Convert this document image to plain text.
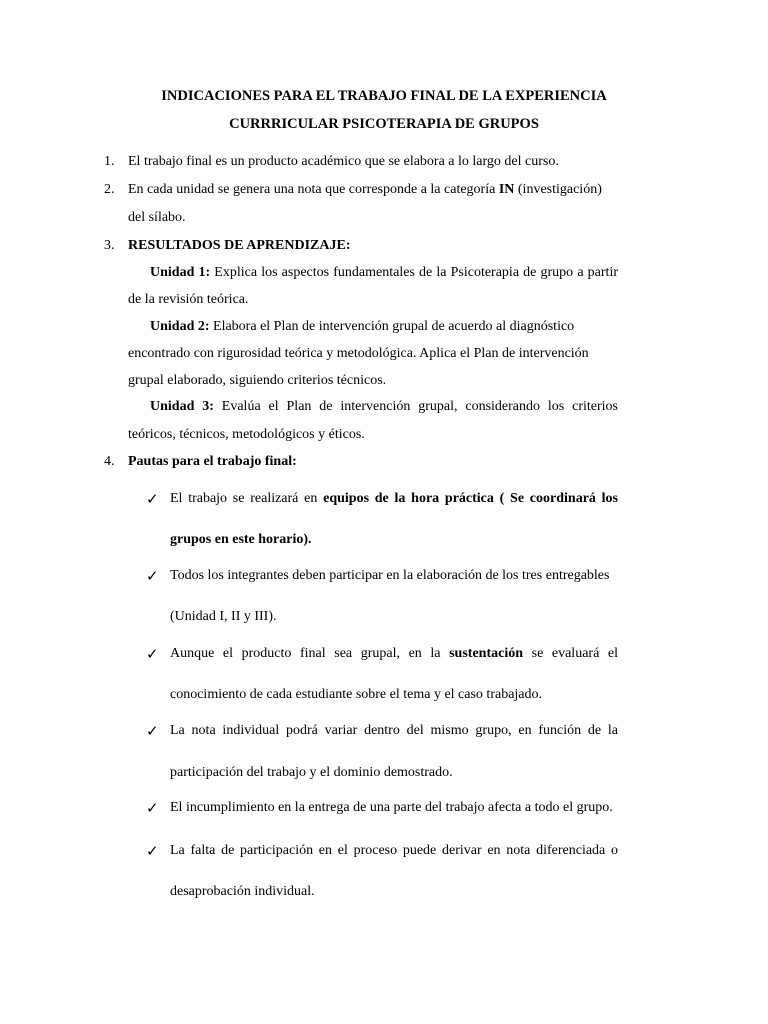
INDICACIONES PARA EL TRABAJO FINAL DE LA EXPERIENCIA
CURRRICULAR PSICOTERAPIA DE GRUPOS
1. El trabajo final es un producto académico que se elabora a lo largo del curso.
2. En cada unidad se genera una nota que corresponde a la categoría IN (investigación)
del sílabo.
3. RESULTADOS DE APRENDIZAJE:
Unidad 1: Explica los aspectos fundamentales de la Psicoterapia de grupo a partir
de la revisión teórica.
Unidad 2: Elabora el Plan de intervención grupal de acuerdo al diagnóstico
encontrado con rigurosidad teórica y metodológica. Aplica el Plan de intervención
grupal elaborado, siguiendo criterios técnicos.
Unidad 3: Evalúa el Plan de intervención grupal, considerando los criterios
teóricos, técnicos, metodológicos y éticos.
4. Pautas para el trabajo final:
✓ El trabajo se realizará en equipos de la hora práctica ( Se coordinará los
grupos en este horario).
✓ Todos los integrantes deben participar en la elaboración de los tres entregables
(Unidad I, II y III).
✓ Aunque el producto final sea grupal, en la sustentación se evaluará el
conocimiento de cada estudiante sobre el tema y el caso trabajado.
✓ La nota individual podrá variar dentro del mismo grupo, en función de la
participación del trabajo y el dominio demostrado.
✓ El incumplimiento en la entrega de una parte del trabajo afecta a todo el grupo.
✓ La falta de participación en el proceso puede derivar en nota diferenciada o
desaprobación individual.
